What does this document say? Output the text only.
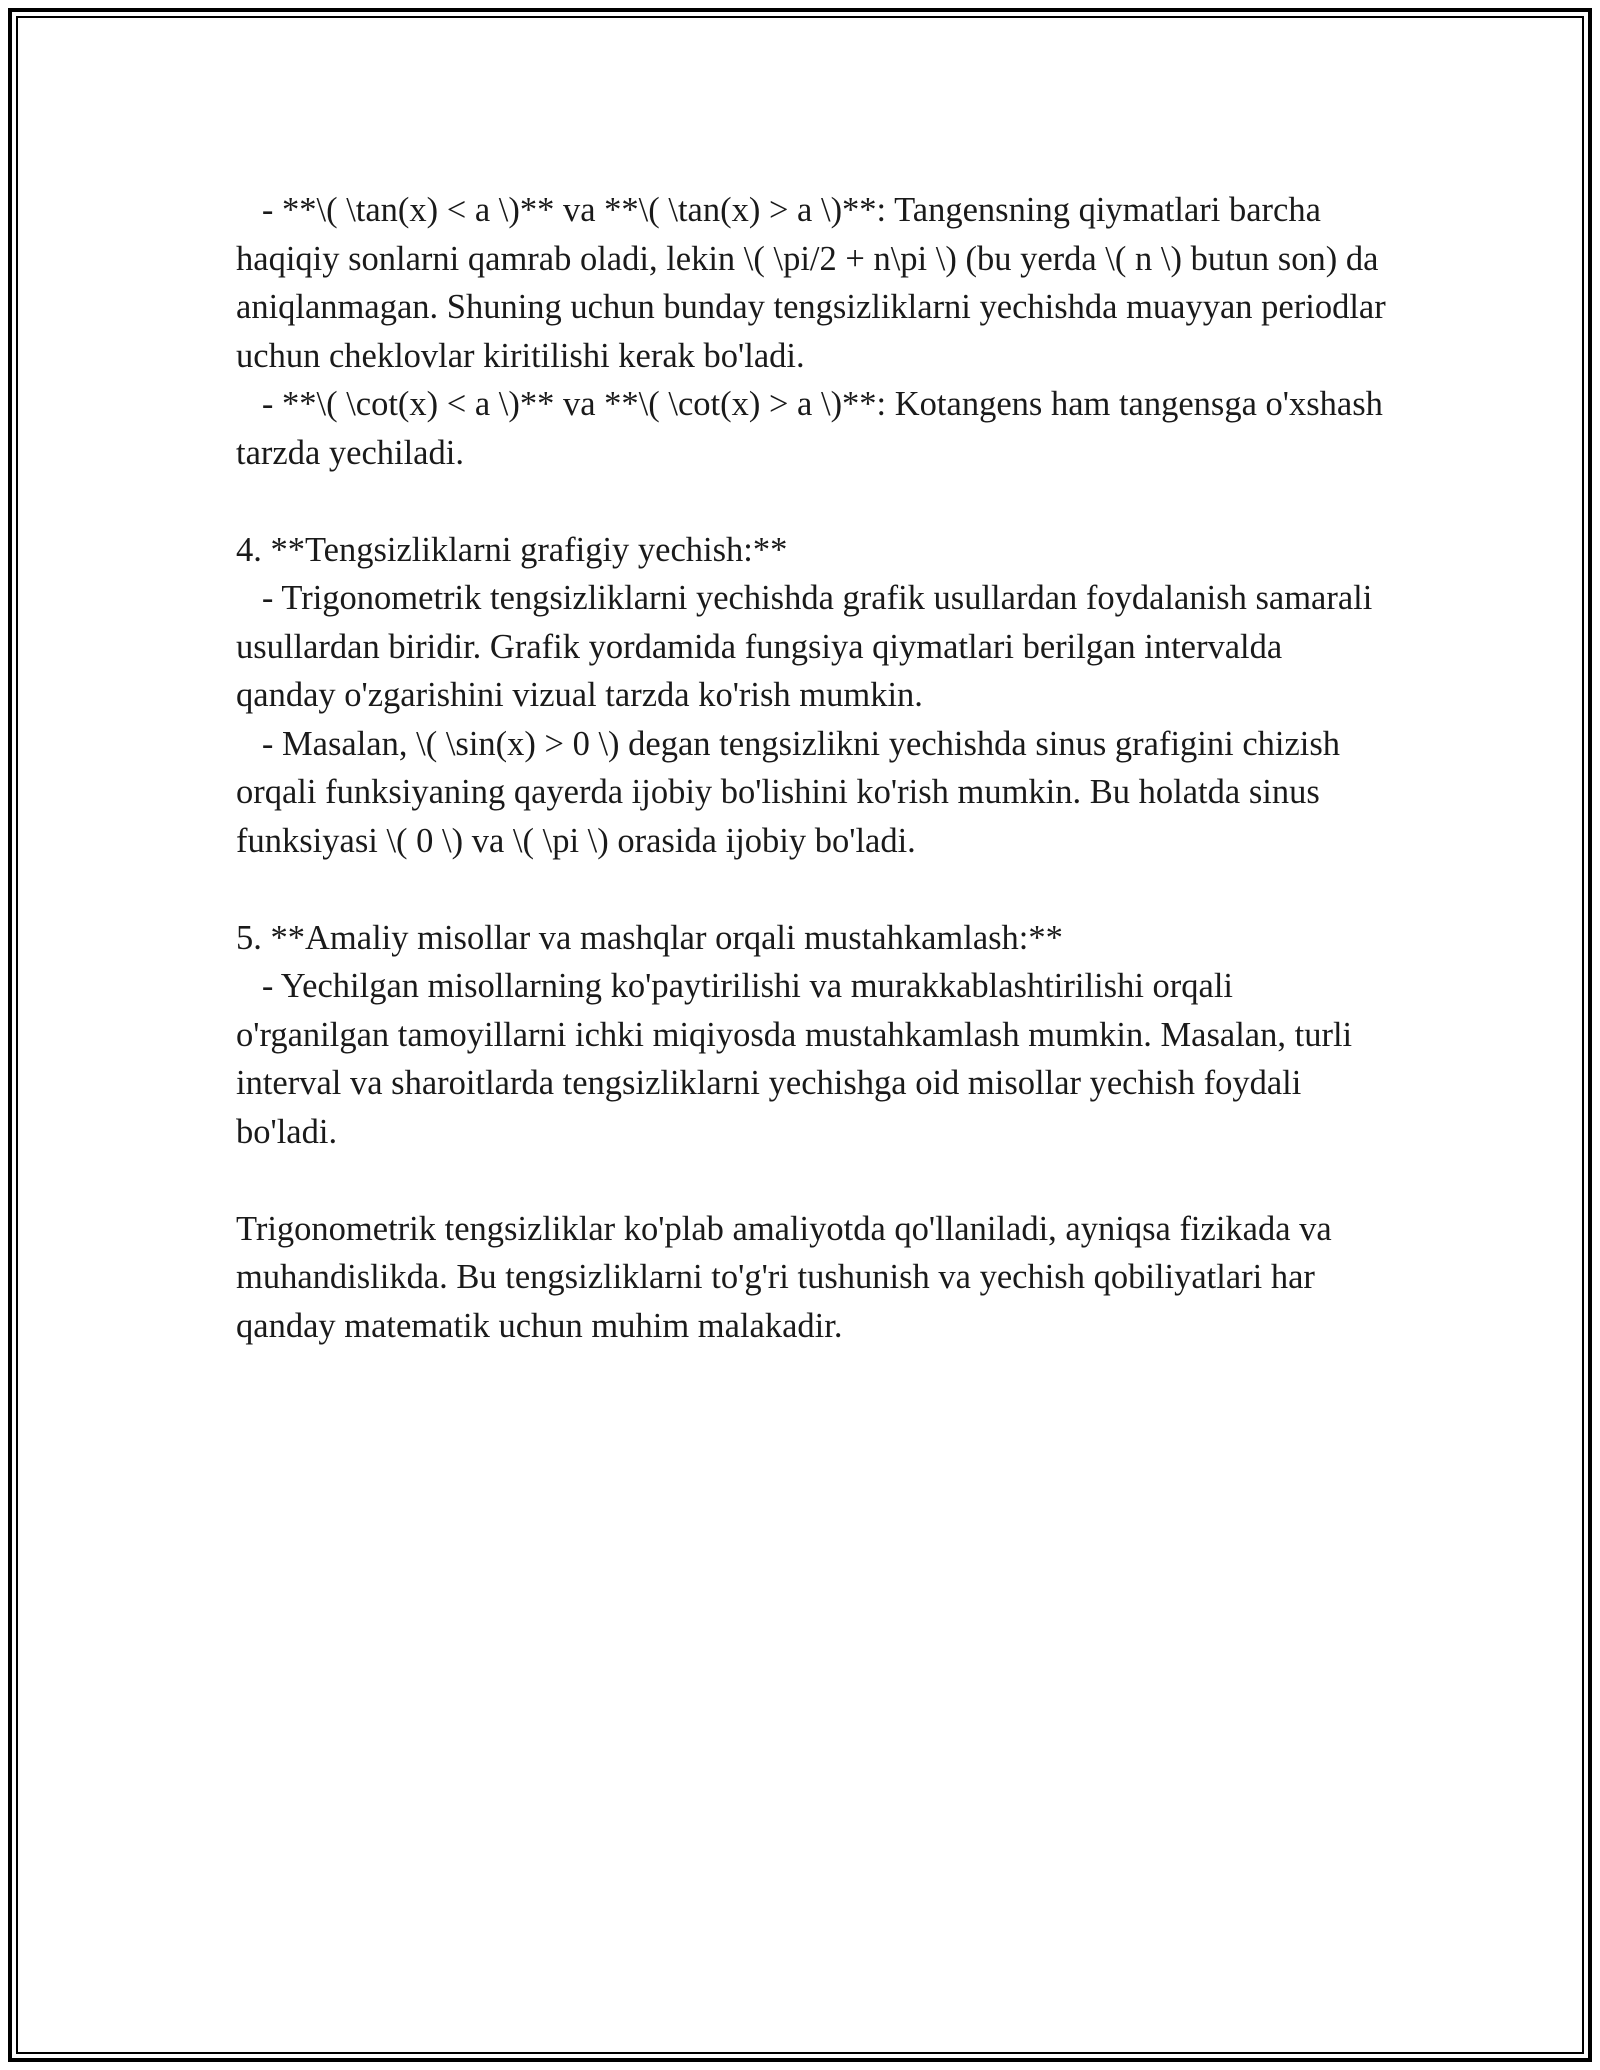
- **\( \tan(x) < a \)** va **\( \tan(x) > a \)**: Tangensning qiymatlari barcha haqiqiy sonlarni qamrab oladi, lekin \( \pi/2 + n\pi \) (bu yerda \( n \) butun son) da aniqlanmagan. Shuning uchun bunday tengsizliklarni yechishda muayyan periodlar uchun cheklovlar kiritilishi kerak bo'ladi.

- **\( \cot(x) < a \)** va **\( \cot(x) > a \)**: Kotangens ham tangensga o'xshash tarzda yechiladi.

4. **Tengsizliklarni grafigiy yechish:**

- Trigonometrik tengsizliklarni yechishda grafik usullardan foydalanish samarali usullardan biridir. Grafik yordamida fungsiya qiymatlari berilgan intervalda qanday o'zgarishini vizual tarzda ko'rish mumkin.

- Masalan, \( \sin(x) > 0 \) degan tengsizlikni yechishda sinus grafigini chizish orqali funksiyaning qayerda ijobiy bo'lishini ko'rish mumkin. Bu holatda sinus funksiyasi \( 0 \) va \( \pi \) orasida ijobiy bo'ladi.

5. **Amaliy misollar va mashqlar orqali mustahkamlash:**

- Yechilgan misollarning ko'paytirilishi va murakkablashtirilishi orqali o'rganilgan tamoyillarni ichki miqiyosda mustahkamlash mumkin. Masalan, turli interval va sharoitlarda tengsizliklarni yechishga oid misollar yechish foydali bo'ladi.

Trigonometrik tengsizliklar ko'plab amaliyotda qo'llaniladi, ayniqsa fizikada va muhandislikda. Bu tengsizliklarni to'g'ri tushunish va yechish qobiliyatlari har qanday matematik uchun muhim malakadir.
